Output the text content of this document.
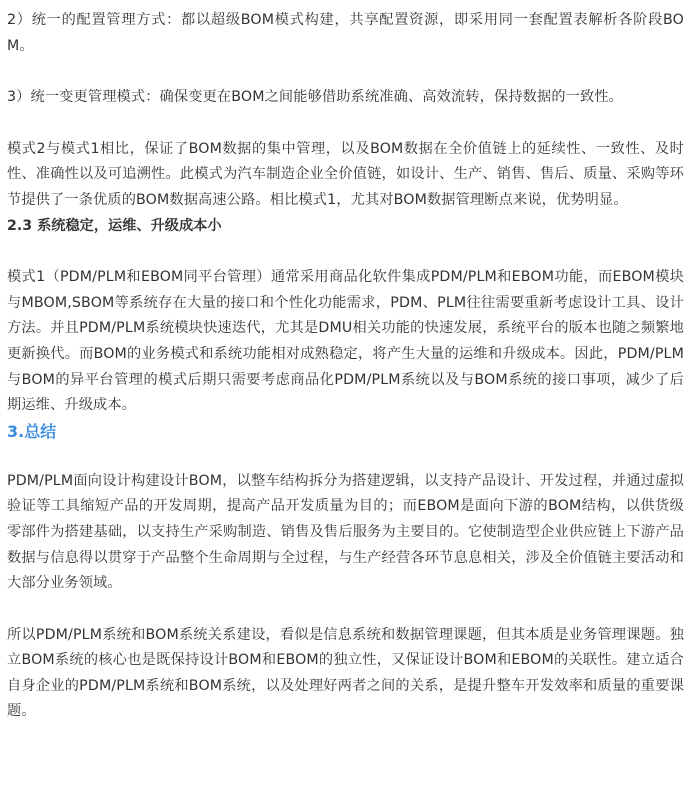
2）统一的配置管理方式：都以超级BOM模式构建，共享配置资源，即采用同一套配置表解析各阶段BOM。

3）统一变更管理模式：确保变更在BOM之间能够借助系统准确、高效流转，保持数据的一致性。

模式2与模式1相比，保证了BOM数据的集中管理，以及BOM数据在全价值链上的延续性、一致性、及时性、准确性以及可追溯性。此模式为汽车制造企业全价值链，如设计、生产、销售、售后、质量、采购等环节提供了一条优质的BOM数据高速公路。相比模式1，尤其对BOM数据管理断点来说，优势明显。

2.3 系统稳定，运维、升级成本小

模式1（PDM/PLM和EBOM同平台管理）通常采用商品化软件集成PDM/PLM和EBOM功能，而EBOM模块与MBOM,SBOM等系统存在大量的接口和个性化功能需求，PDM、PLM往往需要重新考虑设计工具、设计方法。并且PDM/PLM系统模块快速迭代，尤其是DMU相关功能的快速发展，系统平台的版本也随之频繁地更新换代。而BOM的业务模式和系统功能相对成熟稳定，将产生大量的运维和升级成本。因此，PDM/PLM与BOM的异平台管理的模式后期只需要考虑商品化PDM/PLM系统以及与BOM系统的接口事项，减少了后期运维、升级成本。

3.总结

PDM/PLM面向设计构建设计BOM，以整车结构拆分为搭建逻辑，以支持产品设计、开发过程，并通过虚拟验证等工具缩短产品的开发周期，提高产品开发质量为目的；而EBOM是面向下游的BOM结构，以供货级零部件为搭建基础，以支持生产采购制造、销售及售后服务为主要目的。它使制造型企业供应链上下游产品数据与信息得以贯穿于产品整个生命周期与全过程，与生产经营各环节息息相关，涉及全价值链主要活动和大部分业务领域。

所以PDM/PLM系统和BOM系统关系建设，看似是信息系统和数据管理课题，但其本质是业务管理课题。独立BOM系统的核心也是既保持设计BOM和EBOM的独立性，又保证设计BOM和EBOM的关联性。建立适合自身企业的PDM/PLM系统和BOM系统，以及处理好两者之间的关系，是提升整车开发效率和质量的重要课题。
